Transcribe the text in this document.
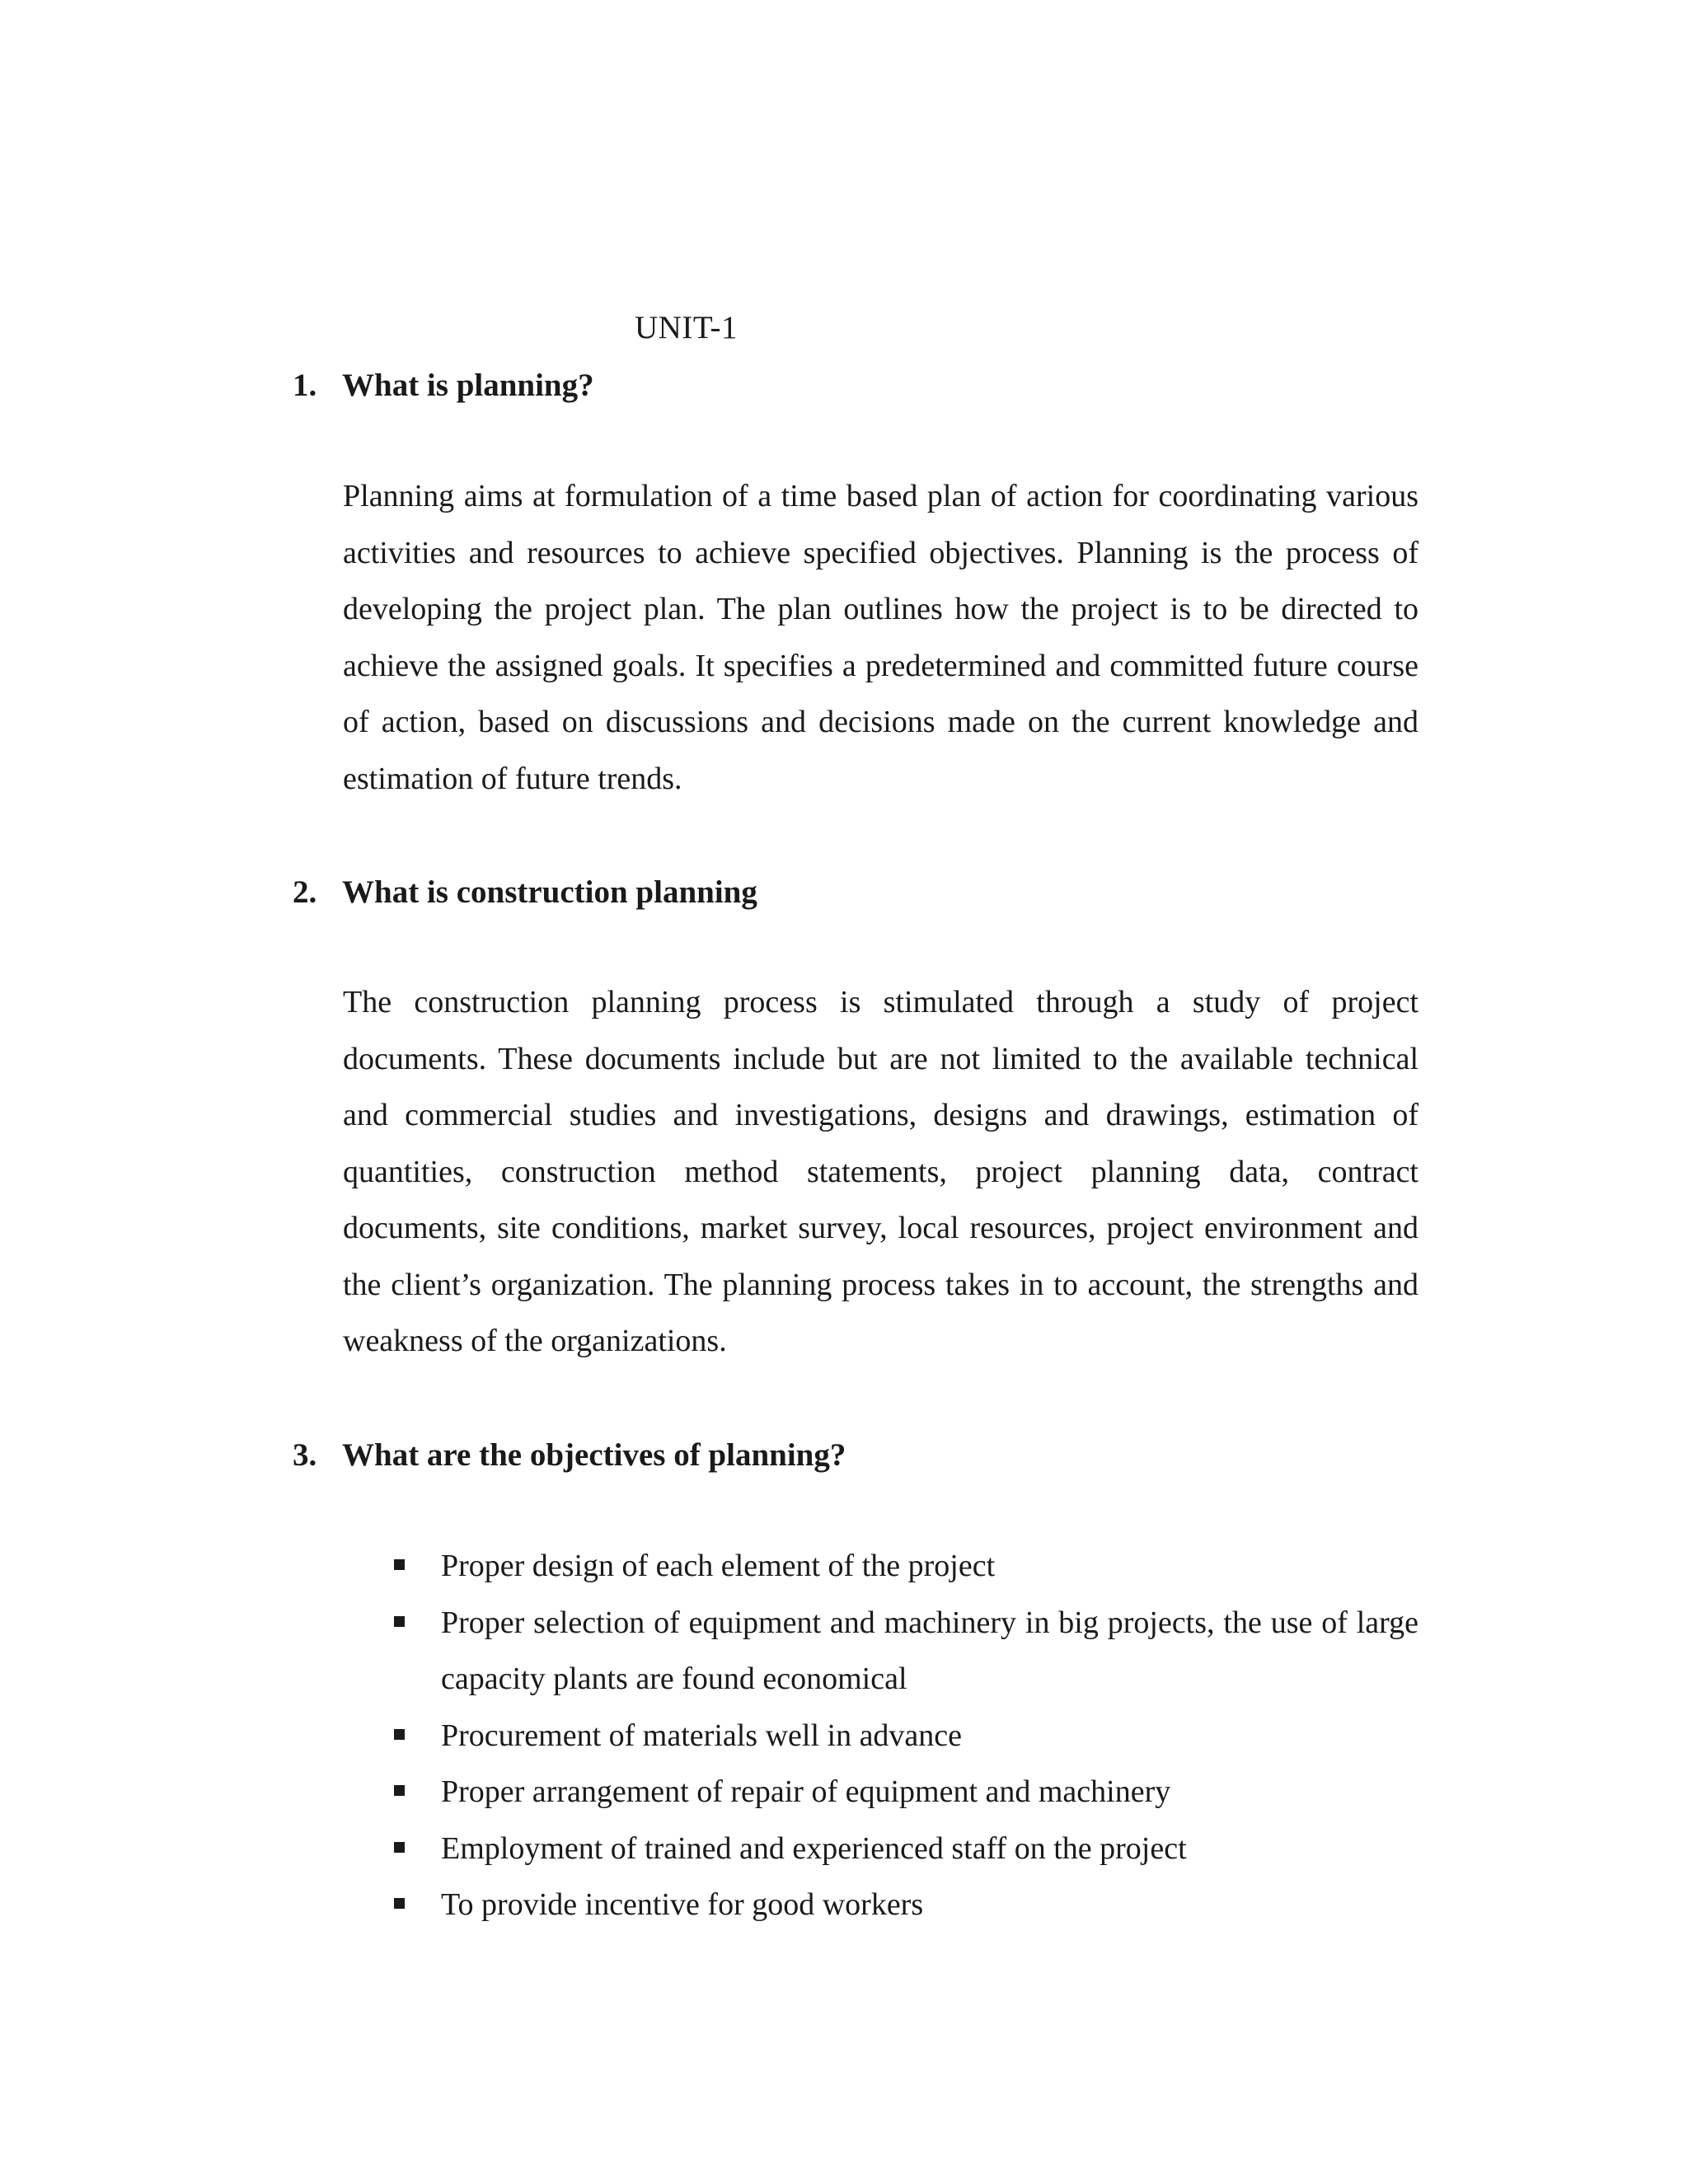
UNIT-1
1. What is planning?
Planning aims at formulation of a time based plan of action for coordinating various activities and resources to achieve specified objectives. Planning is the process of developing the project plan. The plan outlines how the project is to be directed to achieve the assigned goals. It specifies a predetermined and committed future course of action, based on discussions and decisions made on the current knowledge and estimation of future trends.
2. What is construction planning
The construction planning process is stimulated through a study of project documents. These documents include but are not limited to the available technical and commercial studies and investigations, designs and drawings, estimation of quantities, construction method statements, project planning data, contract documents, site conditions, market survey, local resources, project environment and the client’s organization. The planning process takes in to account, the strengths and weakness of the organizations.
3. What are the objectives of planning?
Proper design of each element of the project
Proper selection of equipment and machinery in big projects, the use of large capacity plants are found economical
Procurement of materials well in advance
Proper arrangement of repair of equipment and machinery
Employment of trained and experienced staff on the project
To provide incentive for good workers
